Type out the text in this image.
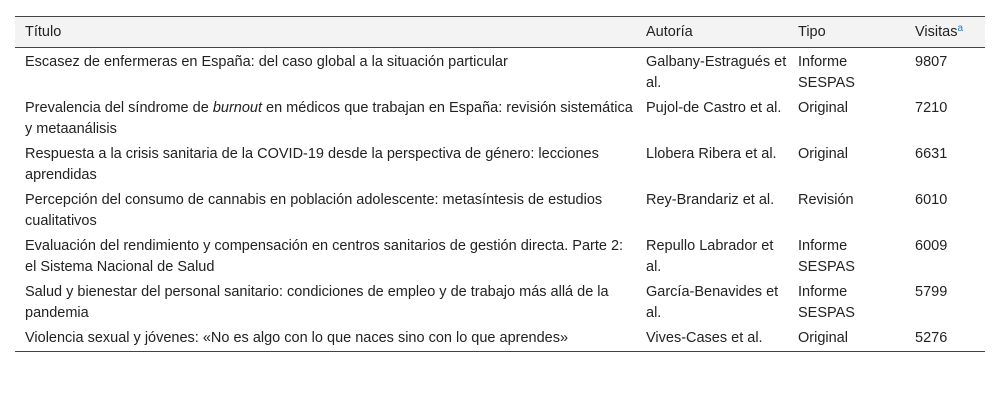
Título	Autoría	Tipo	Visitas$^a$
Escasez de enfermeras en España: del caso global a la situación particular	Galbany-Estragués et al.	Informe SESPAS	9807
Prevalencia del síndrome de burnout en médicos que trabajan en España: revisión sistemática y metaanálisis	Pujol-de Castro et al.	Original	7210
Respuesta a la crisis sanitaria de la COVID-19 desde la perspectiva de género: lecciones aprendidas	Llobera Ribera et al.	Original	6631
Percepción del consumo de cannabis en población adolescente: metasíntesis de estudios cualitativos	Rey-Brandariz et al.	Revisión	6010
Evaluación del rendimiento y compensación en centros sanitarios de gestión directa. Parte 2: el Sistema Nacional de Salud	Repullo Labrador et al.	Informe SESPAS	6009
Salud y bienestar del personal sanitario: condiciones de empleo y de trabajo más allá de la pandemia	García-Benavides et al.	Informe SESPAS	5799
Violencia sexual y jóvenes: «No es algo con lo que naces sino con lo que aprendes»	Vives-Cases et al.	Original	5276
